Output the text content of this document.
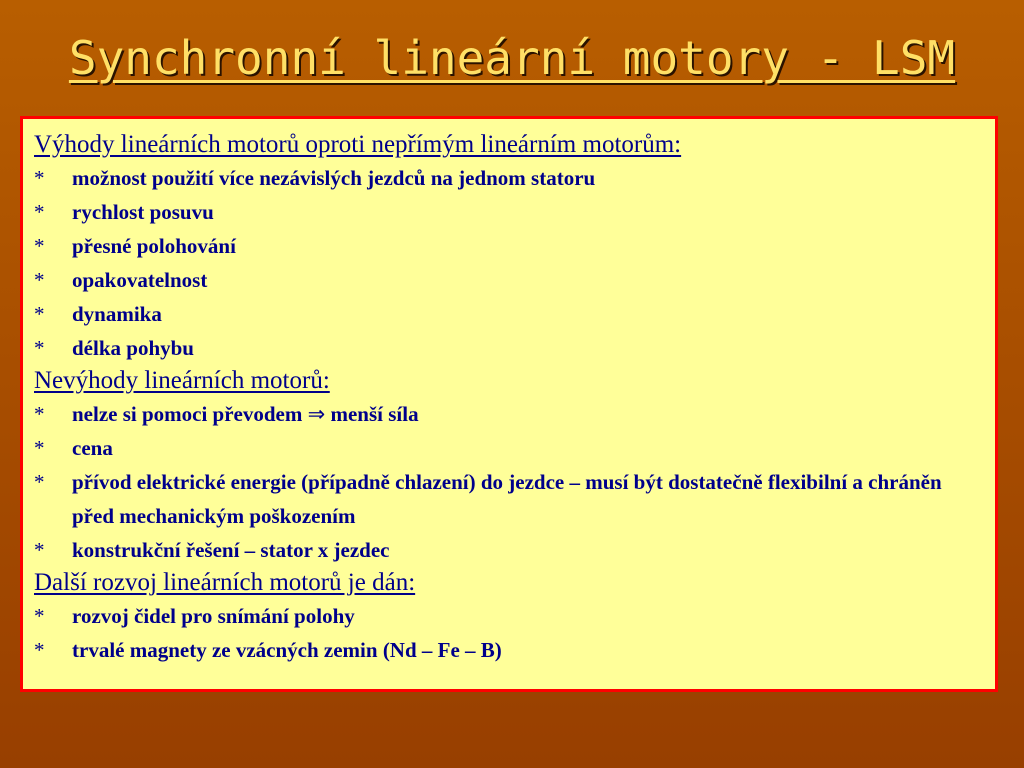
Synchronní lineární motory - LSM
Výhody lineárních motorů oproti nepřímým lineárním motorům:
*	možnost použití více nezávislých jezdců na jednom statoru
*	rychlost posuvu
*	přesné polohování
*	opakovatelnost
*	dynamika
*	délka pohybu
Nevýhody lineárních motorů:
*	nelze si pomoci převodem ⇒ menší síla
*	cena
*	přívod elektrické energie (případně chlazení) do jezdce – musí být dostatečně flexibilní a chráněn před mechanickým poškozením
*	konstrukční řešení – stator x jezdec
Další rozvoj lineárních motorů je dán:
*	rozvoj čidel pro snímání polohy
*	trvalé magnety ze vzácných zemin (Nd – Fe – B)
